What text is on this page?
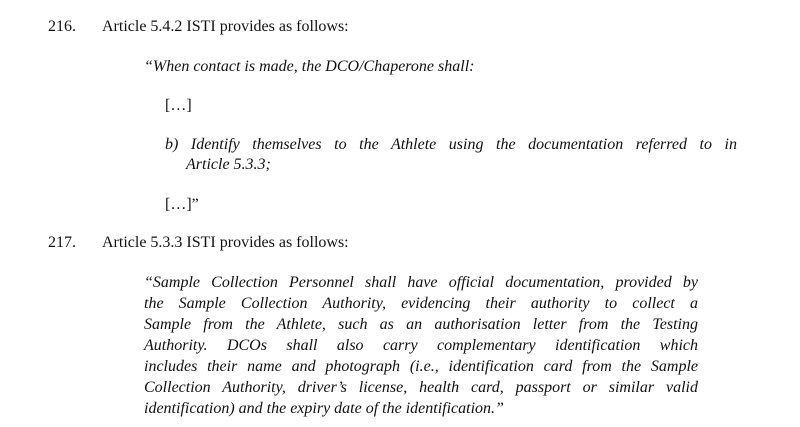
216. Article 5.4.2 ISTI provides as follows:
“When contact is made, the DCO/Chaperone shall:
[…]
b) Identify themselves to the Athlete using the documentation referred to in
Article 5.3.3;
[…]”
217. Article 5.3.3 ISTI provides as follows:
“Sample Collection Personnel shall have official documentation, provided by
the Sample Collection Authority, evidencing their authority to collect a
Sample from the Athlete, such as an authorisation letter from the Testing
Authority. DCOs shall also carry complementary identification which
includes their name and photograph (i.e., identification card from the Sample
Collection Authority, driver’s license, health card, passport or similar valid
identification) and the expiry date of the identification.”
